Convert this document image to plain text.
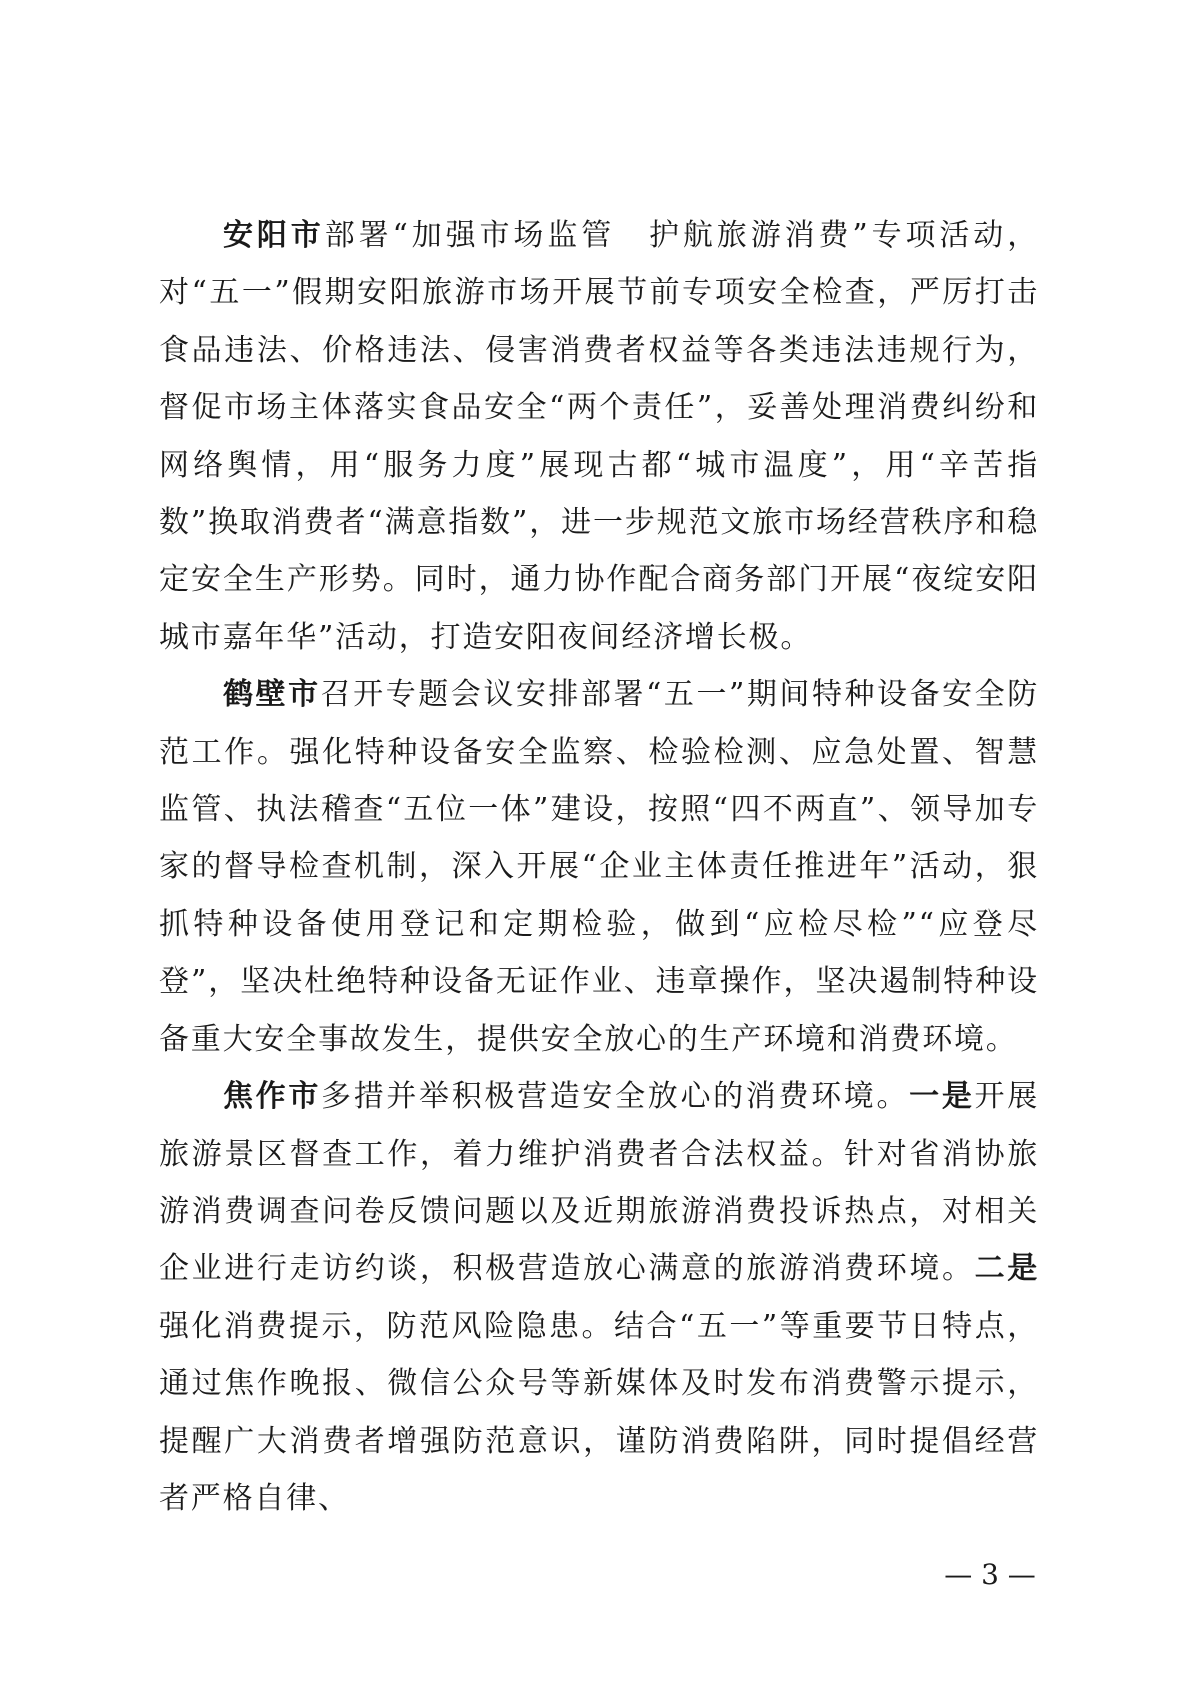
安阳市部署“加强市场监管　护航旅游消费”专项活动，对“五一”假期安阳旅游市场开展节前专项安全检查，严厉打击食品违法、价格违法、侵害消费者权益等各类违法违规行为，督促市场主体落实食品安全“两个责任”，妥善处理消费纠纷和网络舆情，用“服务力度”展现古都“城市温度”，用“辛苦指数”换取消费者“满意指数”，进一步规范文旅市场经营秩序和稳定安全生产形势。同时，通力协作配合商务部门开展“夜绽安阳城市嘉年华”活动，打造安阳夜间经济增长极。

鹤壁市召开专题会议安排部署“五一”期间特种设备安全防范工作。强化特种设备安全监察、检验检测、应急处置、智慧监管、执法稽查“五位一体”建设，按照“四不两直”、领导加专家的督导检查机制，深入开展“企业主体责任推进年”活动，狠抓特种设备使用登记和定期检验，做到“应检尽检”“应登尽登”，坚决杜绝特种设备无证作业、违章操作，坚决遏制特种设备重大安全事故发生，提供安全放心的生产环境和消费环境。

焦作市多措并举积极营造安全放心的消费环境。一是开展旅游景区督查工作，着力维护消费者合法权益。针对省消协旅游消费调查问卷反馈问题以及近期旅游消费投诉热点，对相关企业进行走访约谈，积极营造放心满意的旅游消费环境。二是强化消费提示，防范风险隐患。结合“五一”等重要节日特点，通过焦作晚报、微信公众号等新媒体及时发布消费警示提示，提醒广大消费者增强防范意识，谨防消费陷阱，同时提倡经营者严格自律、

— 3 —
